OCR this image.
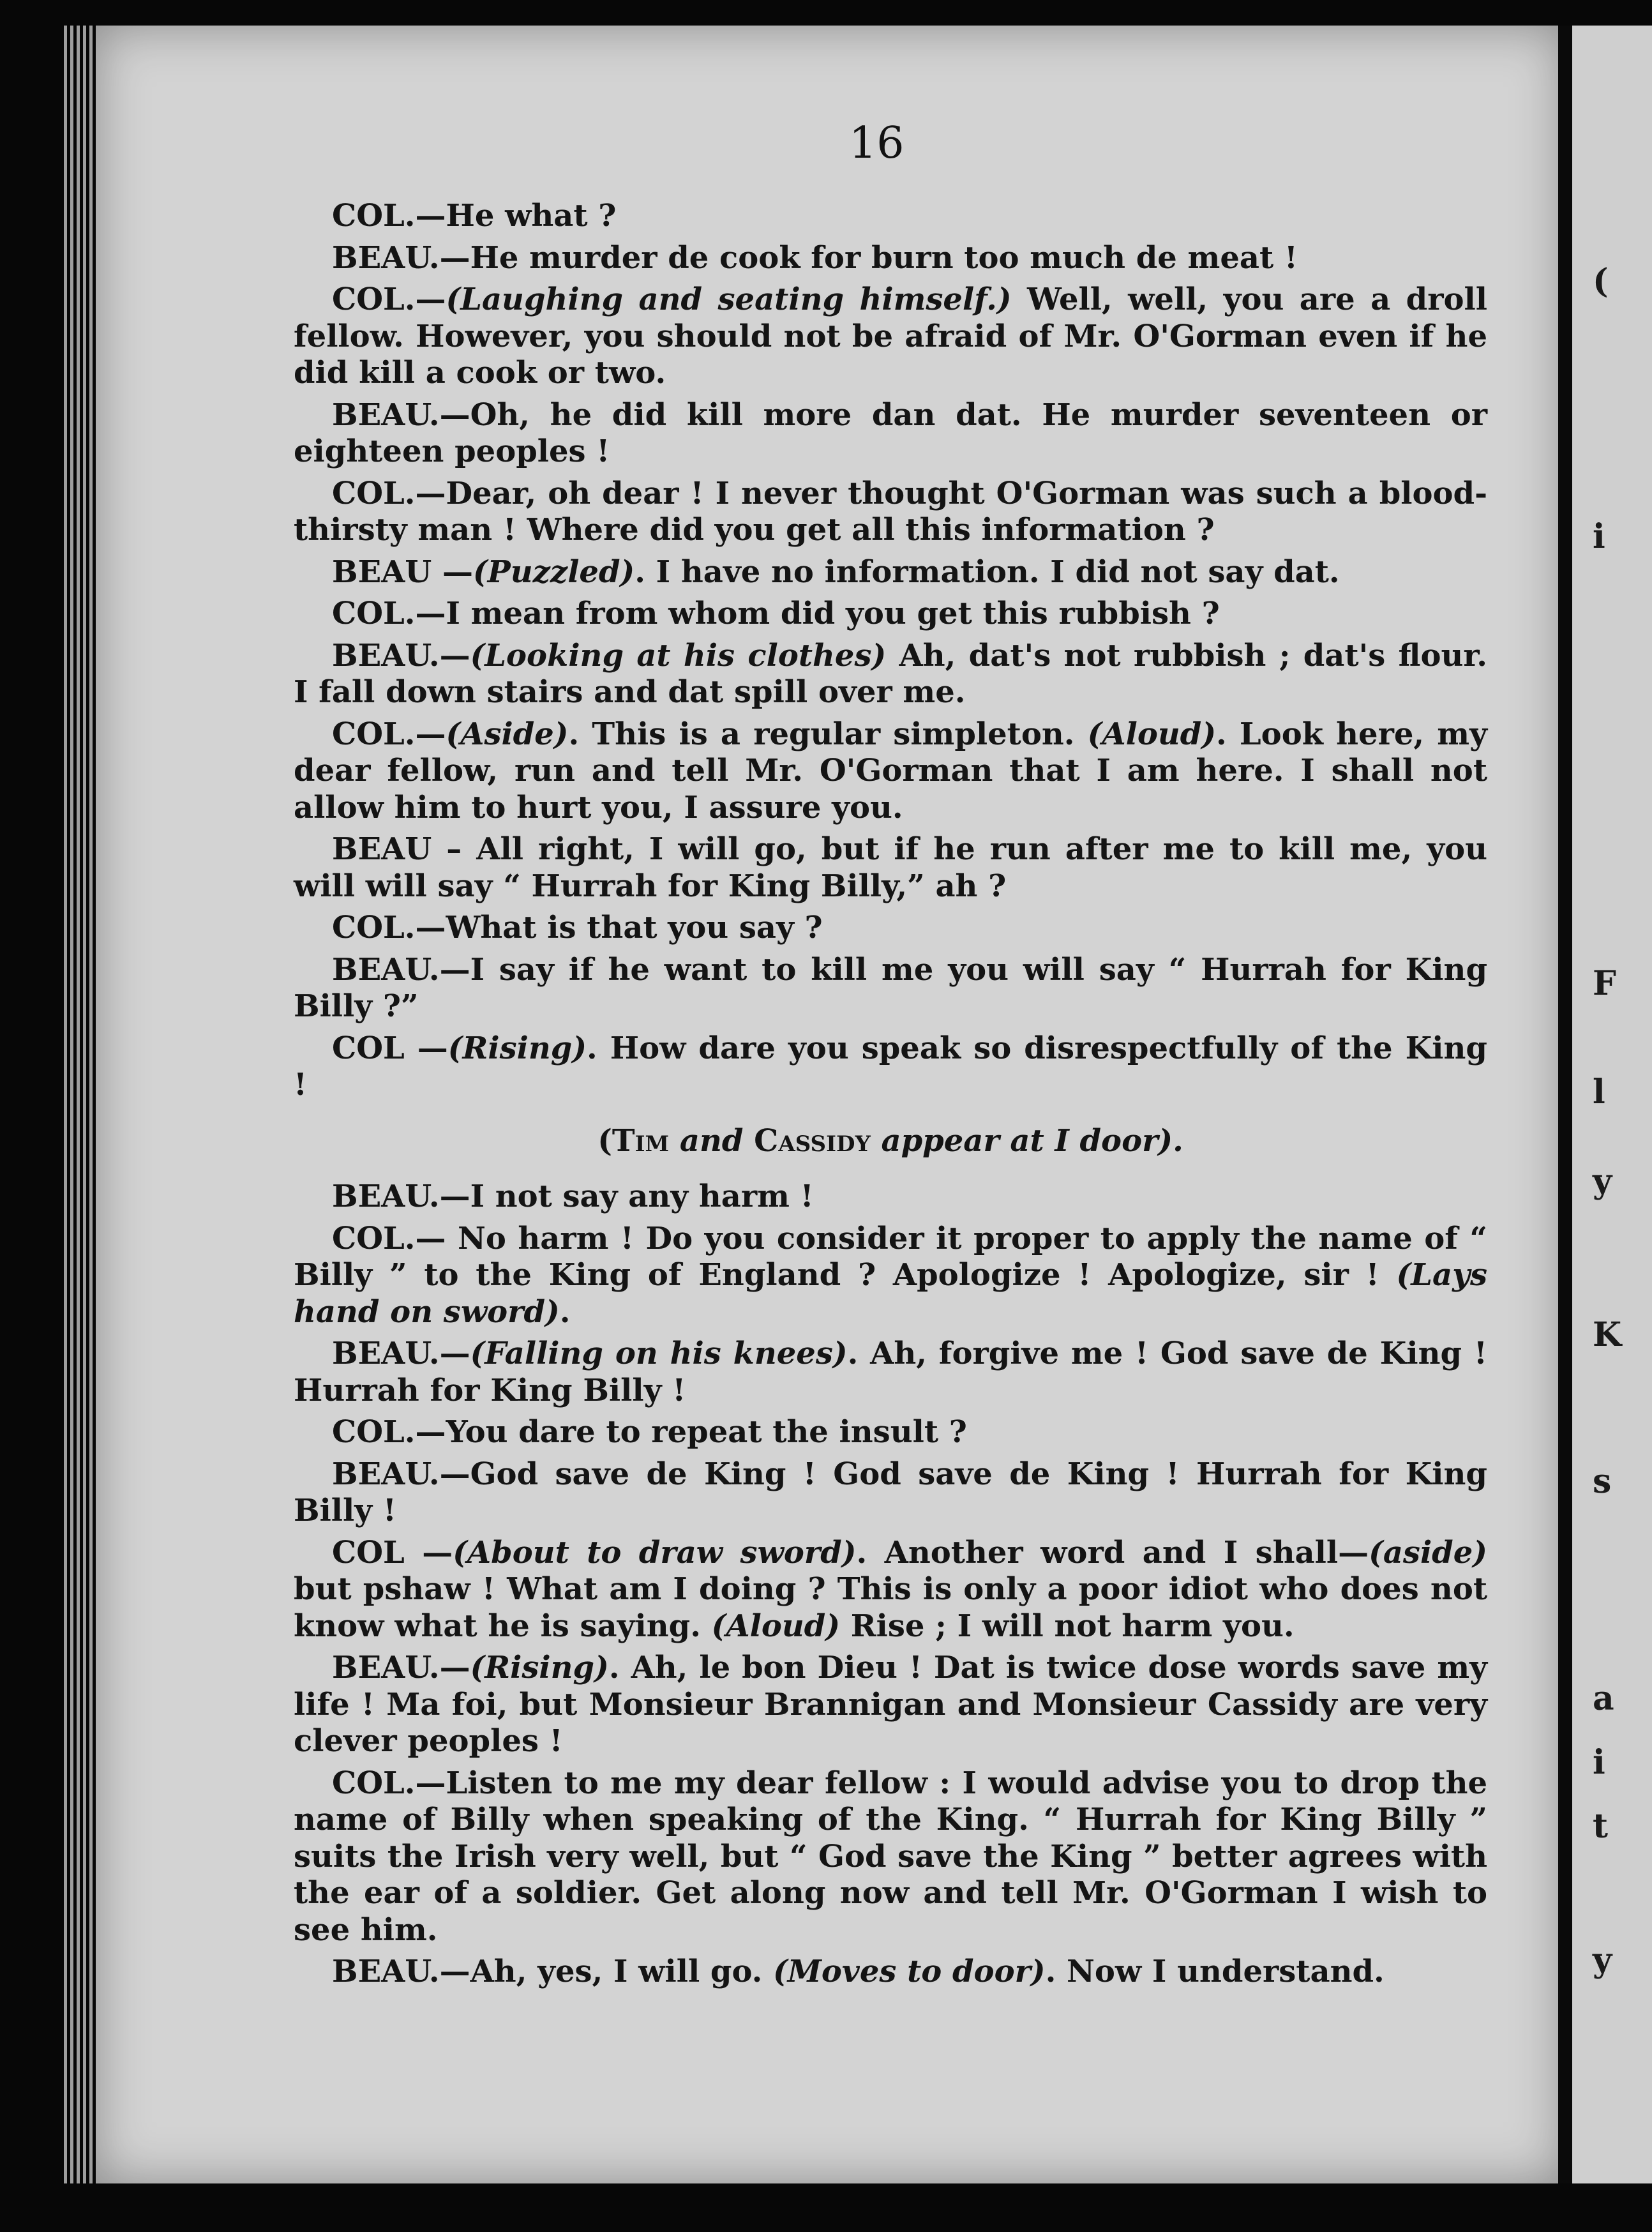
(
i
F
l
y
K
s
a
i
t
y
16

COL.—He what ?

BEAU.—He murder de cook for burn too much de meat !

COL.—(Laughing and seating himself.) Well, well, you are a droll fellow. However, you should not be afraid of Mr. O'Gorman even if he did kill a cook or two.

BEAU.—Oh, he did kill more dan dat. He murder seventeen or eighteen peoples !

COL.—Dear, oh dear ! I never thought O'Gorman was such a blood-thirsty man ! Where did you get all this information ?

BEAU —(Puzzled). I have no information. I did not say dat.

COL.—I mean from whom did you get this rubbish ?

BEAU.—(Looking at his clothes) Ah, dat's not rubbish ; dat's flour. I fall down stairs and dat spill over me.

COL.—(Aside). This is a regular simpleton. (Aloud). Look here, my dear fellow, run and tell Mr. O'Gorman that I am here. I shall not allow him to hurt you, I assure you.

BEAU – All right, I will go, but if he run after me to kill me, you will will say “ Hurrah for King Billy,” ah ?

COL.—What is that you say ?

BEAU.—I say if he want to kill me you will say “ Hurrah for King Billy ?”

COL —(Rising). How dare you speak so disrespectfully of the King !

(Tim and Cassidy appear at I door).

BEAU.—I not say any harm !

COL.— No harm ! Do you consider it proper to apply the name of “ Billy ” to the King of England ? Apologize ! Apologize, sir ! (Lays hand on sword).

BEAU.—(Falling on his knees). Ah, forgive me ! God save de King ! Hurrah for King Billy !

COL.—You dare to repeat the insult ?

BEAU.—God save de King ! God save de King ! Hurrah for King Billy !

COL —(About to draw sword). Another word and I shall—(aside) but pshaw ! What am I doing ? This is only a poor idiot who does not know what he is saying. (Aloud) Rise ; I will not harm you.

BEAU.—(Rising). Ah, le bon Dieu ! Dat is twice dose words save my life ! Ma foi, but Monsieur Brannigan and Monsieur Cassidy are very clever peoples !

COL.—Listen to me my dear fellow : I would advise you to drop the name of Billy when speaking of the King. “ Hurrah for King Billy ” suits the Irish very well, but “ God save the King ” better agrees with the ear of a soldier. Get along now and tell Mr. O'Gorman I wish to see him.

BEAU.—Ah, yes, I will go. (Moves to door). Now I understand.
